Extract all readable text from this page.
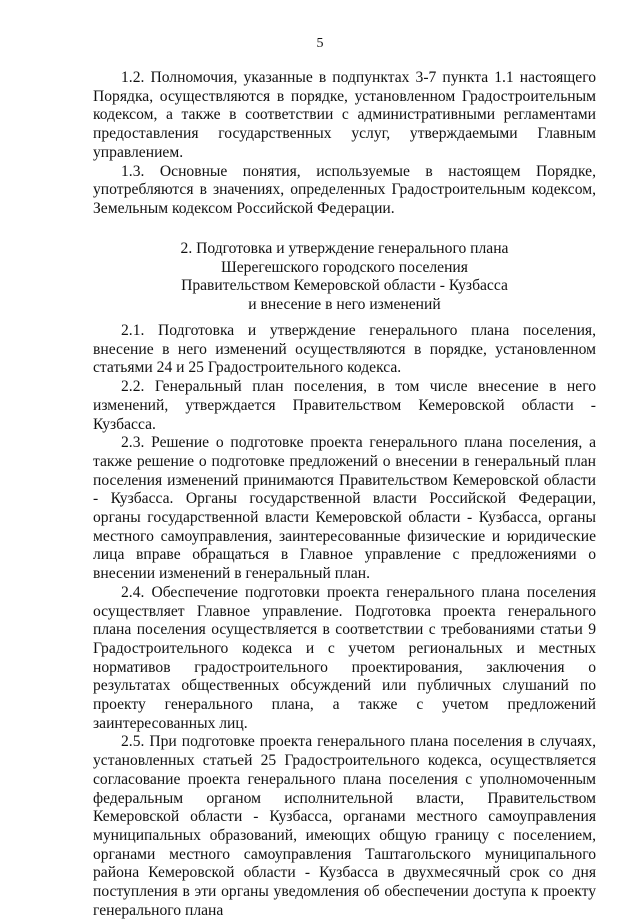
5

1.2. Полномочия, указанные в подпунктах 3-7 пункта 1.1 настоящего Порядка, осуществляются в порядке, установленном Градостроительным кодексом, а также в соответствии с административными регламентами предоставления государственных услуг, утверждаемыми Главным управлением.

1.3. Основные понятия, используемые в настоящем Порядке, употребляются в значениях, определенных Градостроительным кодексом, Земельным кодексом Российской Федерации.

2. Подготовка и утверждение генерального плана
Шерегешского городского поселения
Правительством Кемеровской области - Кузбасса
и внесение в него изменений

2.1. Подготовка и утверждение генерального плана поселения, внесение в него изменений осуществляются в порядке, установленном статьями 24 и 25 Градостроительного кодекса.

2.2. Генеральный план поселения, в том числе внесение в него изменений, утверждается Правительством Кемеровской области - Кузбасса.

2.3. Решение о подготовке проекта генерального плана поселения, а также решение о подготовке предложений о внесении в генеральный план поселения изменений принимаются Правительством Кемеровской области - Кузбасса. Органы государственной власти Российской Федерации, органы государственной власти Кемеровской области - Кузбасса, органы местного самоуправления, заинтересованные физические и юридические лица вправе обращаться в Главное управление с предложениями о внесении изменений в генеральный план.

2.4. Обеспечение подготовки проекта генерального плана поселения осуществляет Главное управление. Подготовка проекта генерального плана поселения осуществляется в соответствии с требованиями статьи 9 Градостроительного кодекса и с учетом региональных и местных нормативов градостроительного проектирования, заключения о результатах общественных обсуждений или публичных слушаний по проекту генерального плана, а также с учетом предложений заинтересованных лиц.

2.5. При подготовке проекта генерального плана поселения в случаях, установленных статьей 25 Градостроительного кодекса, осуществляется согласование проекта генерального плана поселения с уполномоченным федеральным органом исполнительной власти, Правительством Кемеровской области - Кузбасса, органами местного самоуправления муниципальных образований, имеющих общую границу с поселением, органами местного самоуправления Таштагольского муниципального района Кемеровской области - Кузбасса в двухмесячный срок со дня поступления в эти органы уведомления об обеспечении доступа к проекту генерального плана
